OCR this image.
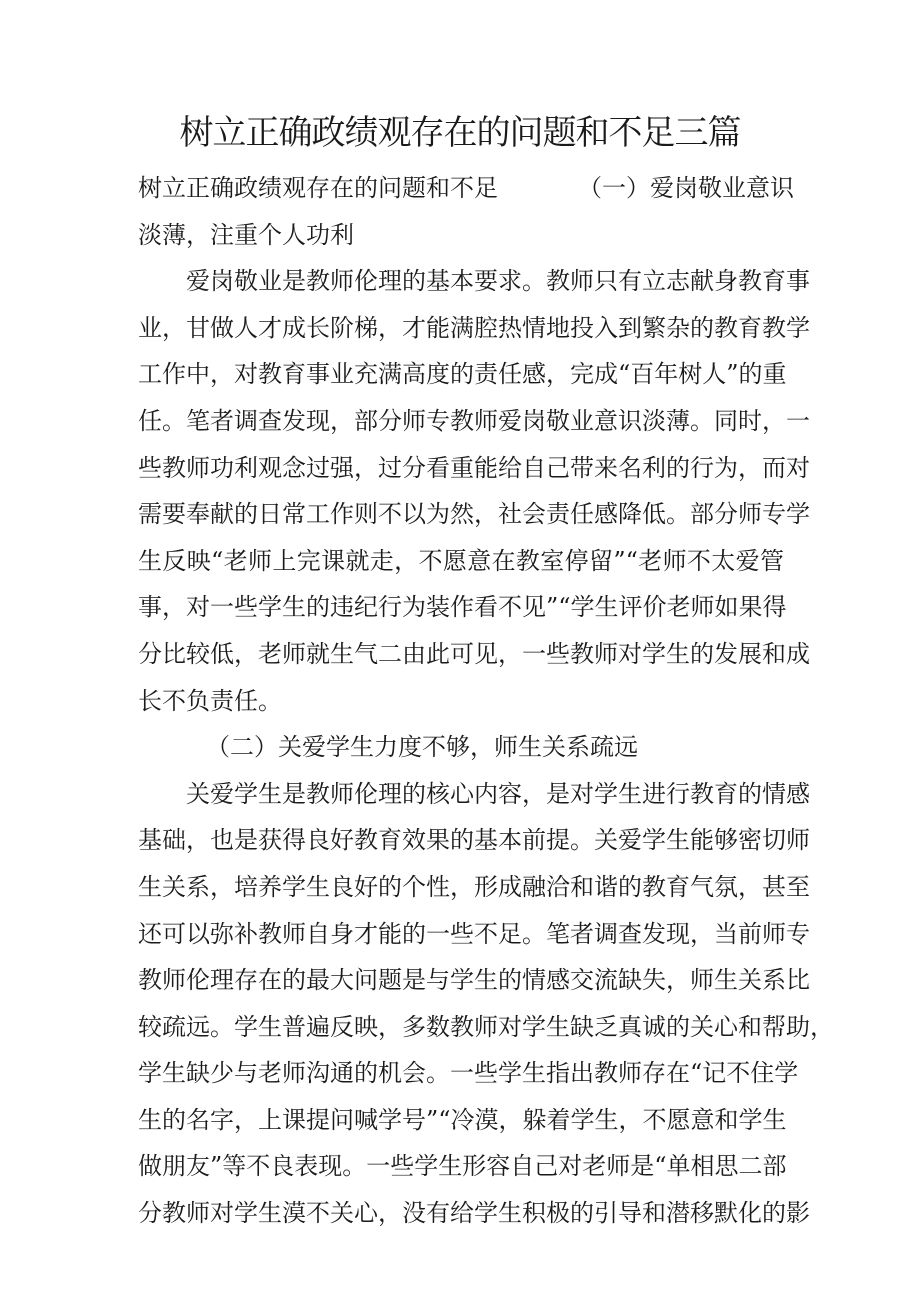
树立正确政绩观存在的问题和不足三篇
树立正确政绩观存在的问题和不足	（一）爱岗敬业意识
淡薄，注重个人功利
爱岗敬业是教师伦理的基本要求。教师只有立志献身教育事
业，甘做人才成长阶梯，才能满腔热情地投入到繁杂的教育教学
工作中，对教育事业充满高度的责任感，完成“百年树人”的重
任。笔者调查发现，部分师专教师爱岗敬业意识淡薄。同时，一
些教师功利观念过强，过分看重能给自己带来名利的行为，而对
需要奉献的日常工作则不以为然，社会责任感降低。部分师专学
生反映“老师上完课就走，不愿意在教室停留”“老师不太爱管
事，对一些学生的违纪行为装作看不见”“学生评价老师如果得
分比较低，老师就生气二由此可见，一些教师对学生的发展和成
长不负责任。
（二）关爱学生力度不够，师生关系疏远
关爱学生是教师伦理的核心内容，是对学生进行教育的情感
基础，也是获得良好教育效果的基本前提。关爱学生能够密切师
生关系，培养学生良好的个性，形成融洽和谐的教育气氛，甚至
还可以弥补教师自身才能的一些不足。笔者调查发现，当前师专
教师伦理存在的最大问题是与学生的情感交流缺失，师生关系比
较疏远。学生普遍反映，多数教师对学生缺乏真诚的关心和帮助，
学生缺少与老师沟通的机会。一些学生指出教师存在“记不住学
生的名字，上课提问喊学号”“冷漠，躲着学生，不愿意和学生
做朋友”等不良表现。一些学生形容自己对老师是“单相思二部
分教师对学生漠不关心，没有给学生积极的引导和潜移默化的影
